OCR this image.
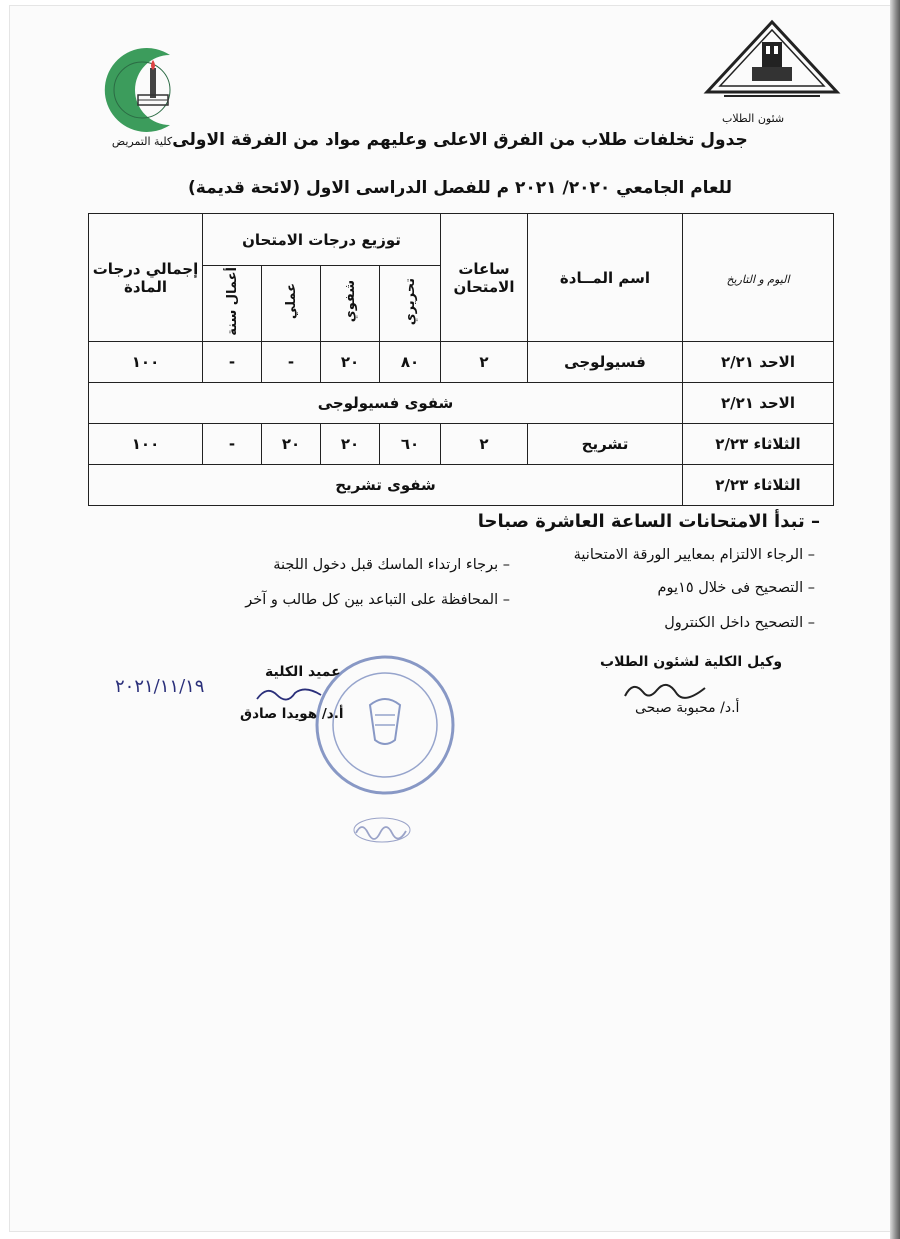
كلية التمريض
شئون الطلاب
جدول تخلفات طلاب من الفرق الاعلى وعليهم مواد من الفرقة الاولى
للعام الجامعي ٢٠٢٠/ ٢٠٢١ م للفصل الدراسى الاول (لائحة قديمة)
اليوم و التاريخ	اسم المــادة	ساعات الامتحان	توزيع درجات الامتحان				إجمالي درجات المادة
			تحريري	شفوي	عملي	أعمال سنة	
الاحد ٢/٢١	فسيولوجى	٢	٨٠	٢٠	-	-	١٠٠
الاحد ٢/٢١	شفوى فسيولوجى						
الثلاثاء ٢/٢٣	تشريح	٢	٦٠	٢٠	٢٠	-	١٠٠
الثلاثاء ٢/٢٣	شفوى تشريح						
– تبدأ الامتحانات الساعة العاشرة صباحا
– الرجاء الالتزام بمعايير الورقة الامتحانية
– التصحيح فى خلال ١٥يوم
– التصحيح داخل الكنترول
– برجاء ارتداء الماسك قبل دخول اللجنة
– المحافظة على التباعد بين كل طالب و آخر
عميد الكلية
أ.د/ هويدا صادق
٢٠٢١/١١/١٩
وكيل الكلية لشئون الطلاب
أ.د/ محبوبة صبحى
